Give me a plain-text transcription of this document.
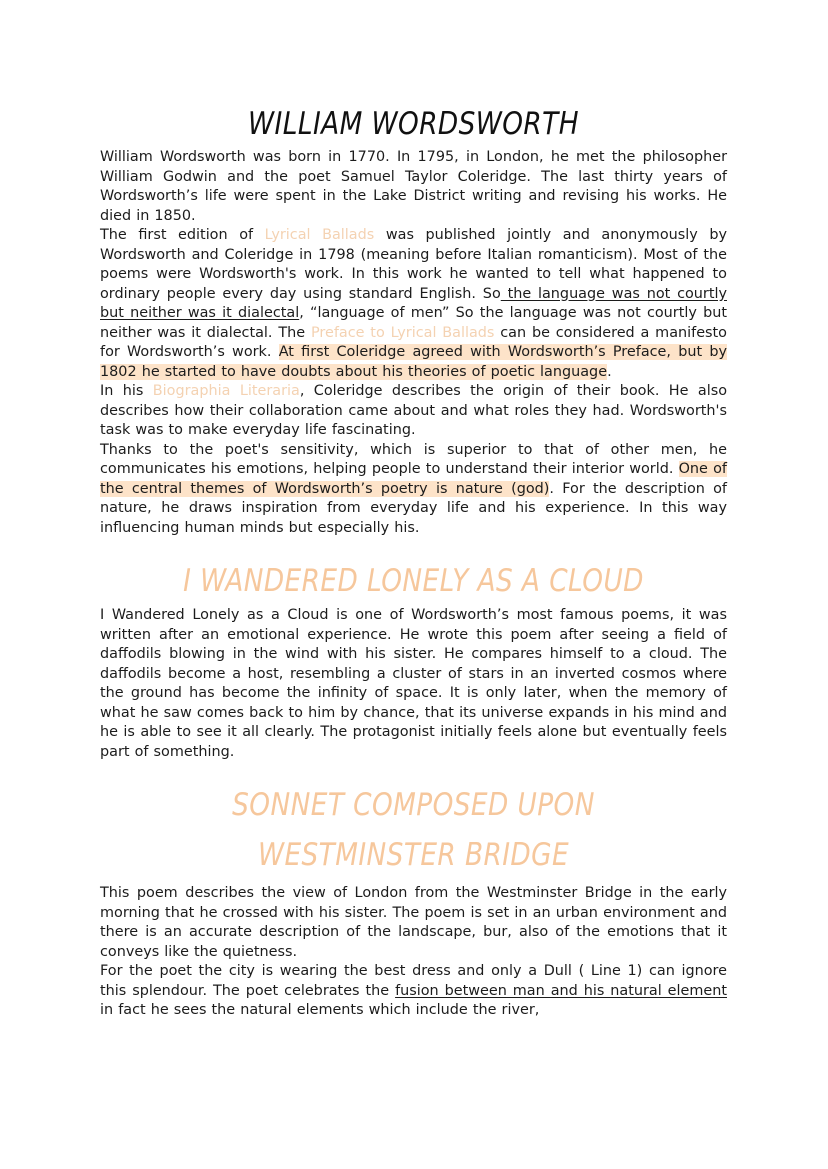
WILLIAM WORDSWORTH

William Wordsworth was born in 1770. In 1795, in London, he met the philosopher William Godwin and the poet Samuel Taylor Coleridge. The last thirty years of Wordsworth’s life were spent in the Lake District writing and revising his works. He died in 1850.

The first edition of Lyrical Ballads was published jointly and anonymously by Wordsworth and Coleridge in 1798 (meaning before Italian romanticism). Most of the poems were Wordsworth's work. In this work he wanted to tell what happened to ordinary people every day using standard English. So the language was not courtly but neither was it dialectal, “language of men” So the language was not courtly but neither was it dialectal. The Preface to Lyrical Ballads can be considered a manifesto for Wordsworth’s work. At first Coleridge agreed with Wordsworth’s Preface, but by 1802 he started to have doubts about his theories of poetic language.

In his Biographia Literaria, Coleridge describes the origin of their book. He also describes how their collaboration came about and what roles they had. Wordsworth's task was to make everyday life fascinating.

Thanks to the poet's sensitivity, which is superior to that of other men, he communicates his emotions, helping people to understand their interior world. One of the central themes of Wordsworth’s poetry is nature (god). For the description of nature, he draws inspiration from everyday life and his experience. In this way influencing human minds but especially his.

I WANDERED LONELY AS A CLOUD

I Wandered Lonely as a Cloud is one of Wordsworth’s most famous poems, it was written after an emotional experience. He wrote this poem after seeing a field of daffodils blowing in the wind with his sister. He compares himself to a cloud. The daffodils become a host, resembling a cluster of stars in an inverted cosmos where the ground has become the infinity of space. It is only later, when the memory of what he saw comes back to him by chance, that its universe expands in his mind and he is able to see it all clearly. The protagonist initially feels alone but eventually feels part of something.

SONNET COMPOSED UPON WESTMINSTER BRIDGE

This poem describes the view of London from the Westminster Bridge in the early morning that he crossed with his sister. The poem is set in an urban environment and there is an accurate description of the landscape, bur, also of the emotions that it conveys like the quietness.

For the poet the city is wearing the best dress and only a Dull ( Line 1) can ignore this splendour. The poet celebrates the fusion between man and his natural element in fact he sees the natural elements which include the river,
